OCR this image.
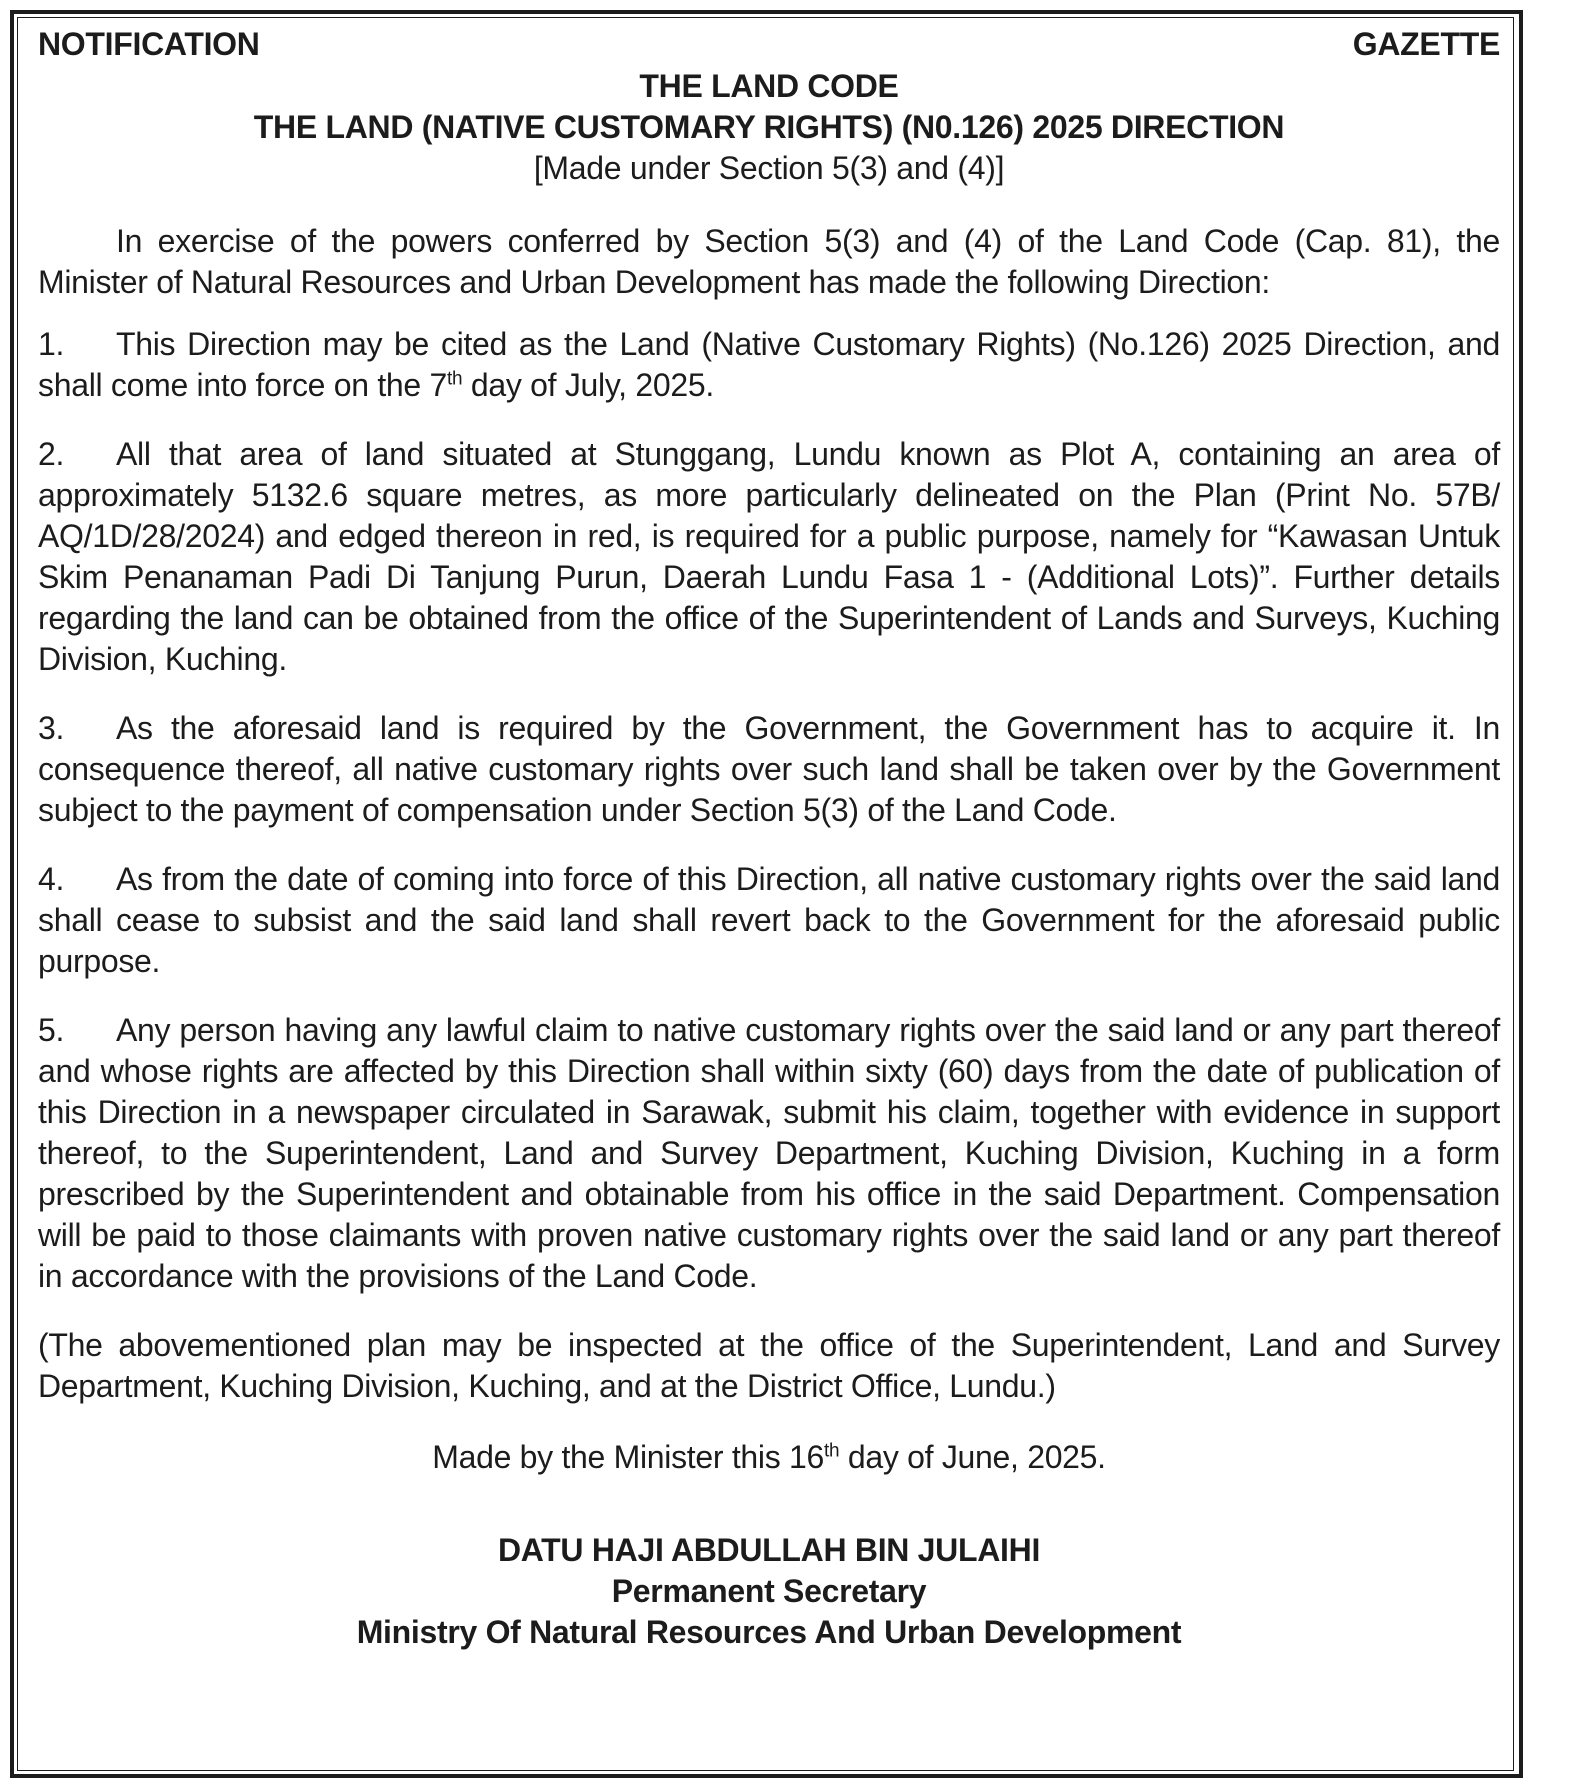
NOTIFICATION	GAZETTE
THE LAND CODE
THE LAND (NATIVE CUSTOMARY RIGHTS) (N0.126) 2025 DIRECTION
[Made under Section 5(3) and (4)]

In exercise of the powers conferred by Section 5(3) and (4) of the Land Code (Cap. 81), the Minister of Natural Resources and Urban Development has made the following Direction:

1. This Direction may be cited as the Land (Native Customary Rights) (No.126) 2025 Direction, and shall come into force on the 7th day of July, 2025.

2. All that area of land situated at Stunggang, Lundu known as Plot A, containing an area of approximately 5132.6 square metres, as more particularly delineated on the Plan (Print No. 57B/ AQ/1D/28/2024) and edged thereon in red, is required for a public purpose, namely for “Kawasan Untuk Skim Penanaman Padi Di Tanjung Purun, Daerah Lundu Fasa 1 - (Additional Lots)”. Further details regarding the land can be obtained from the office of the Superintendent of Lands and Surveys, Kuching Division, Kuching.

3. As the aforesaid land is required by the Government, the Government has to acquire it. In consequence thereof, all native customary rights over such land shall be taken over by the Government subject to the payment of compensation under Section 5(3) of the Land Code.

4. As from the date of coming into force of this Direction, all native customary rights over the said land shall cease to subsist and the said land shall revert back to the Government for the aforesaid public purpose.

5. Any person having any lawful claim to native customary rights over the said land or any part thereof and whose rights are affected by this Direction shall within sixty (60) days from the date of publication of this Direction in a newspaper circulated in Sarawak, submit his claim, together with evidence in support thereof, to the Superintendent, Land and Survey Department, Kuching Division, Kuching in a form prescribed by the Superintendent and obtainable from his office in the said Department. Compensation will be paid to those claimants with proven native customary rights over the said land or any part thereof in accordance with the provisions of the Land Code.

(The abovementioned plan may be inspected at the office of the Superintendent, Land and Survey Department, Kuching Division, Kuching, and at the District Office, Lundu.)

Made by the Minister this 16th day of June, 2025.
DATU HAJI ABDULLAH BIN JULAIHI
Permanent Secretary
Ministry Of Natural Resources And Urban Development
